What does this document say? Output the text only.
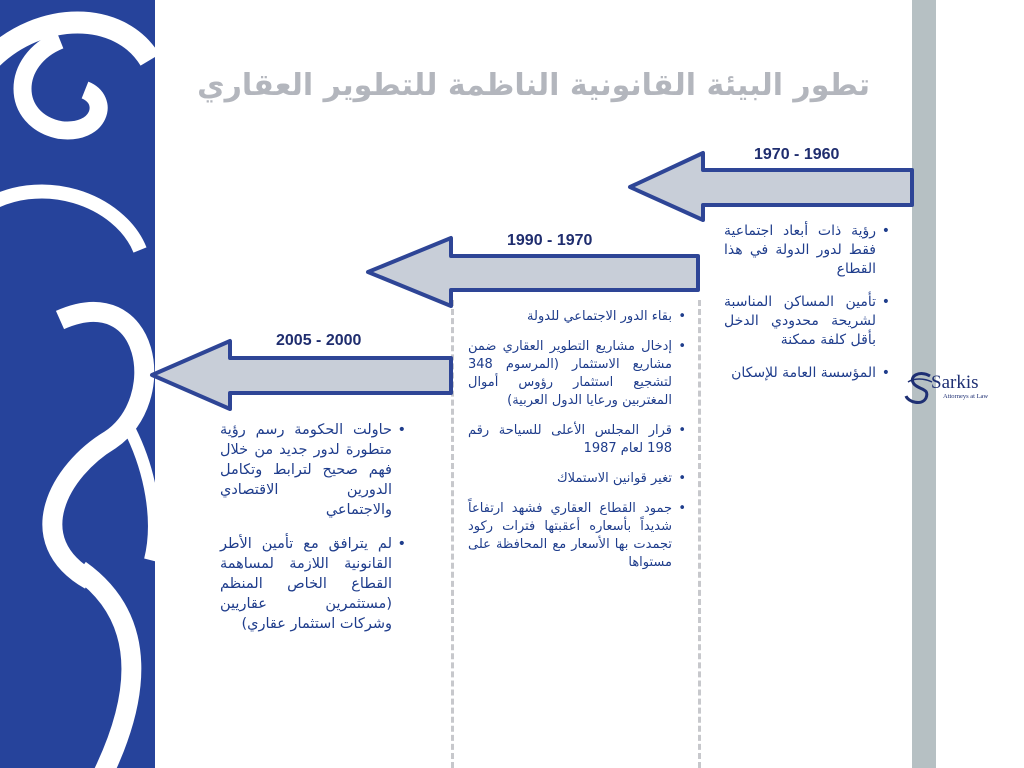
تطور البيئة القانونية الناظمة للتطوير العقاري

1970 - 1960

1990 - 1970

2005 - 2000

• رؤية ذات أبعاد اجتماعية فقط لدور الدولة في هذا القطاع
• تأمين المساكن المناسبة لشريحة محدودي الدخل بأقل كلفة ممكنة
• المؤسسة العامة للإسكان
• بقاء الدور الاجتماعي للدولة
• إدخال مشاريع التطوير العقاري ضمن مشاريع الاستثمار (المرسوم 348 لتشجيع استثمار رؤوس أموال المغتربين ورعايا الدول العربية)
• قرار المجلس الأعلى للسياحة رقم 198 لعام 1987
• تغير قوانين الاستملاك
• جمود القطاع العقاري فشهد ارتفاعاً شديداً بأسعاره أعقبتها فترات ركود تجمدت بها الأسعار مع المحافظة على مستواها
• حاولت الحكومة رسم رؤية متطورة لدور جديد من خلال فهم صحيح لترابط وتكامل الدورين الاقتصادي والاجتماعي
• لم يترافق مع تأمين الأطر القانونية اللازمة لمساهمة القطاع الخاص المنظم (مستثمرين عقاريين وشركات استثمار عقاري)

Sarkis

Attorneys at Law
